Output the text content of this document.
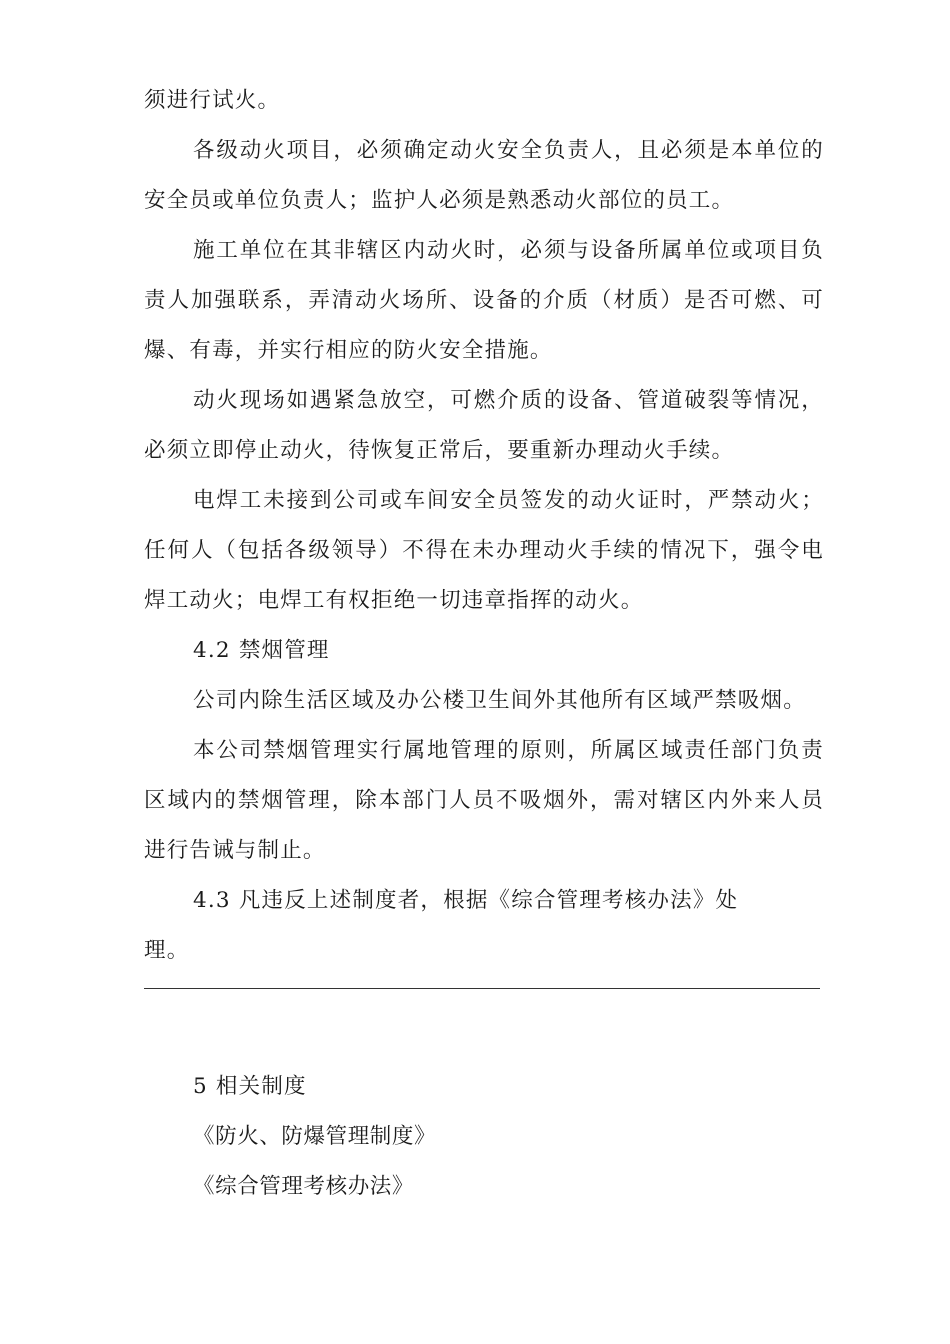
须进行试火。

各级动火项目，必须确定动火安全负责人，且必须是本单位的安全员或单位负责人；监护人必须是熟悉动火部位的员工。

施工单位在其非辖区内动火时，必须与设备所属单位或项目负责人加强联系，弄清动火场所、设备的介质（材质）是否可燃、可爆、有毒，并实行相应的防火安全措施。

动火现场如遇紧急放空，可燃介质的设备、管道破裂等情况，必须立即停止动火，待恢复正常后，要重新办理动火手续。

电焊工未接到公司或车间安全员签发的动火证时，严禁动火；任何人（包括各级领导）不得在未办理动火手续的情况下，强令电焊工动火；电焊工有权拒绝一切违章指挥的动火。

4.2 禁烟管理

公司内除生活区域及办公楼卫生间外其他所有区域严禁吸烟。

本公司禁烟管理实行属地管理的原则，所属区域责任部门负责区域内的禁烟管理，除本部门人员不吸烟外，需对辖区内外来人员进行告诫与制止。

4.3 凡违反上述制度者，根据《综合管理考核办法》处

理。

5 相关制度

《防火、防爆管理制度》

《综合管理考核办法》
